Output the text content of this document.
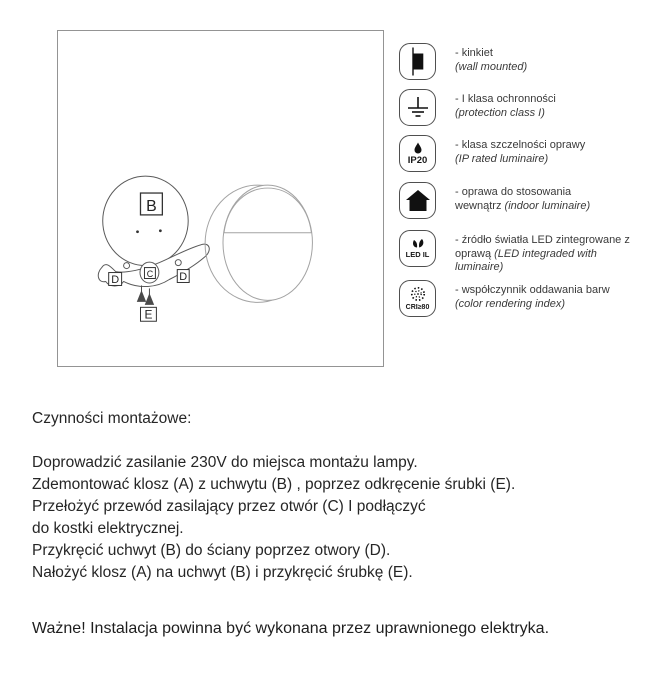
B
C
D	D
E
- kinkiet
(wall mounted)
- I klasa ochronności
(protection class I)
IP20
- klasa szczelności oprawy
(IP rated luminaire)
- oprawa do stosowania wewnątrz (indoor luminaire)
LED IL
- źródło światła LED zintegrowane z oprawą (LED integraded with luminaire)
CRI≥80
- współczynnik oddawania barw
(color rendering index)
Czynności montażowe:
Doprowadzić zasilanie 230V do miejsca montażu lampy.
Zdemontować klosz (A) z uchwytu (B) , poprzez odkręcenie śrubki (E).
Przełożyć przewód zasilający przez otwór (C) I podłączyć
do kostki elektrycznej.
Przykręcić uchwyt (B) do ściany poprzez otwory (D).
Nałożyć klosz (A) na uchwyt (B) i przykręcić śrubkę (E).
Ważne! Instalacja powinna być wykonana przez uprawnionego elektryka.
